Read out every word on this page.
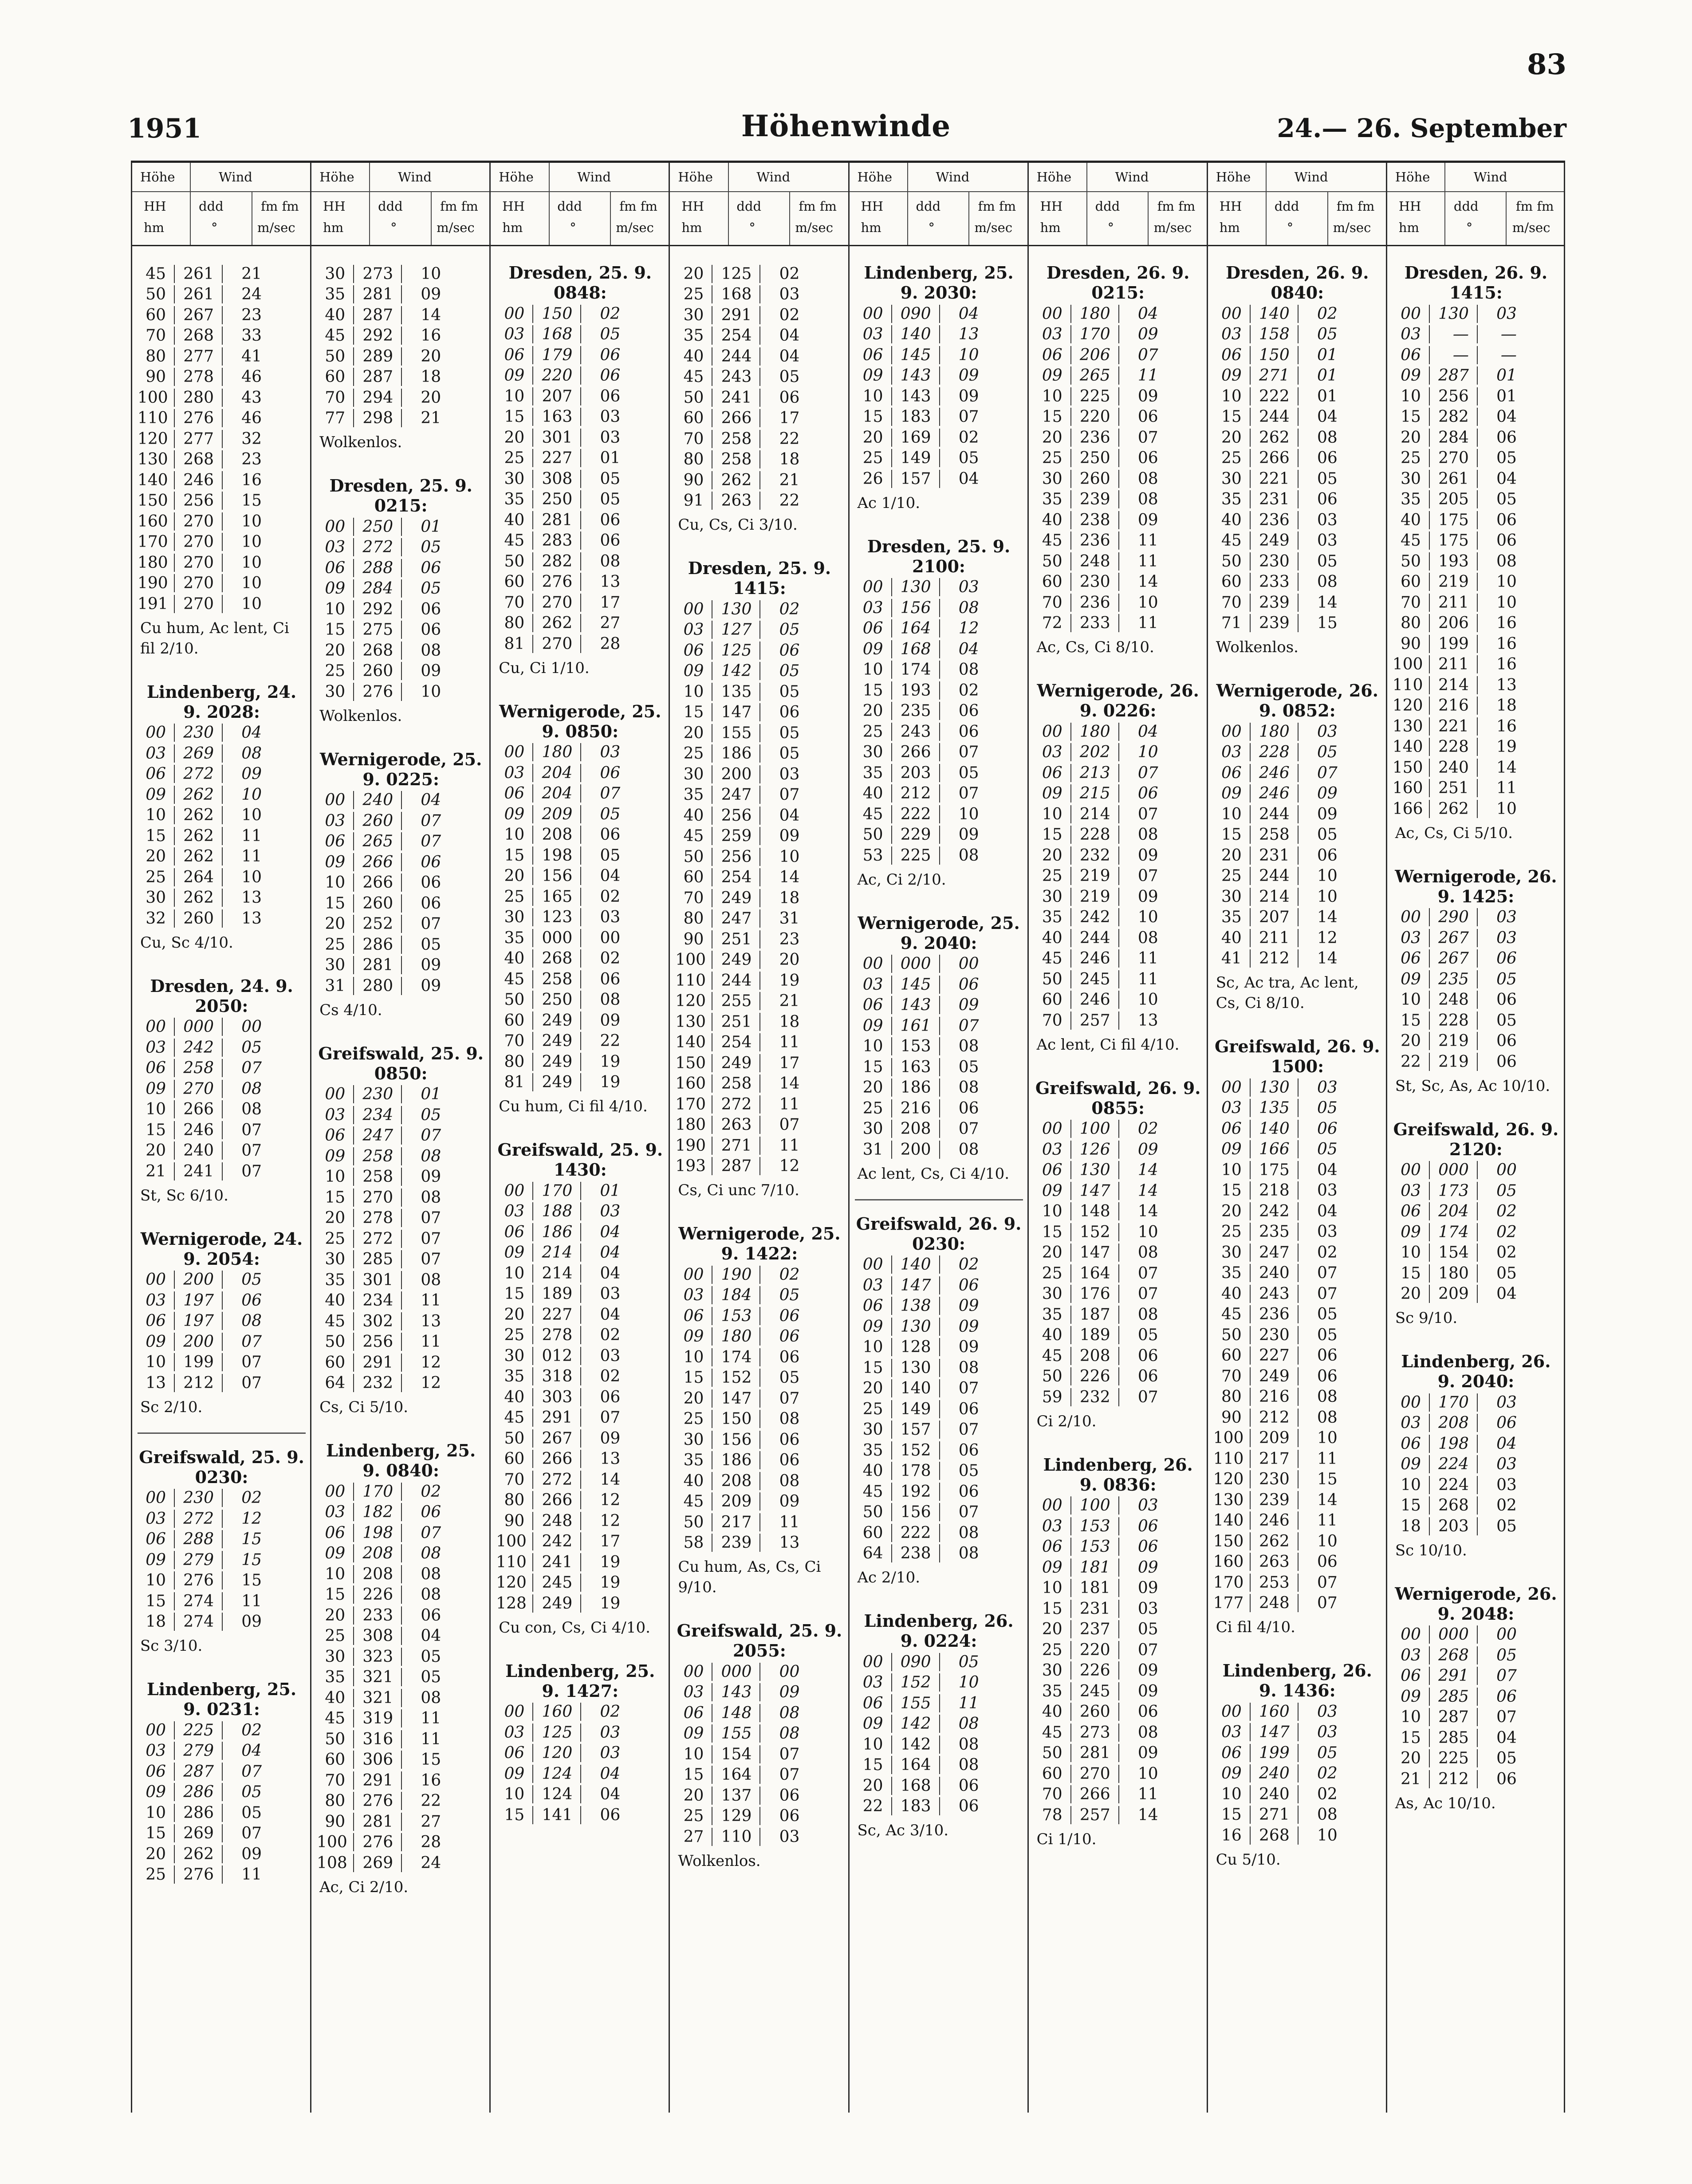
83
1951	Höhenwinde	24.— 26. September
Höhe	Wind
HH
hm
ddd
°
fm fm
m/sec
45	261	21
50	261	24
60	267	23
70	268	33
80	277	41
90	278	46
100 280	43
110 276	46
120 277	32
130 268	23
140 246	16
150 256	15
160 270	10
170 270	10
180 270	10
190 270	10
191 270	10
Cu hum, Ac lent, Ci fil 2/10.
Lindenberg, 24. 9. 2028:
00	230	04
03	269	08
06	272	09
09	262	10
10	262	10
15	262	11
20	262	11
25	264	10
30	262	13
32	260	13
Cu, Sc 4/10.
Dresden, 24. 9. 2050:
00	000	00
03	242	05
06	258	07
09	270	08
10	266	08
15	246	07
20	240	07
21	241	07
St, Sc 6/10.
Wernigerode, 24. 9. 2054:
00	200	05
03	197	06
06	197	08
09	200	07
10	199	07
13	212	07
Sc 2/10.
Greifswald, 25. 9. 0230:
00	230	02
03	272	12
06	288	15
09	279	15
10	276	15
15	274	11
18	274	09
Sc 3/10.
Lindenberg, 25. 9. 0231:
00	225	02
03	279	04
06	287	07
09	286	05
10	286	05
15	269	07
20	262	09
25	276	11
Höhe	Wind
HH
hm
ddd
°
fm fm
m/sec
30	273	10
35	281	09
40	287	14
45	292	16
50	289	20
60	287	18
70	294	20
77	298	21
Wolkenlos.
Dresden, 25. 9. 0215:
00	250	01
03	272	05
06	288	06
09	284	05
10	292	06
15	275	06
20	268	08
25	260	09
30	276	10
Wolkenlos.
Wernigerode, 25. 9. 0225:
00	240	04
03	260	07
06	265	07
09	266	06
10	266	06
15	260	06
20	252	07
25	286	05
30	281	09
31	280	09
Cs 4/10.
Greifswald, 25. 9. 0850:
00	230	01
03	234	05
06	247	07
09	258	08
10	258	09
15	270	08
20	278	07
25	272	07
30	285	07
35	301	08
40	234	11
45	302	13
50	256	11
60	291	12
64	232	12
Cs, Ci 5/10.
Lindenberg, 25. 9. 0840:
00	170	02
03	182	06
06	198	07
09	208	08
10	208	08
15	226	08
20	233	06
25	308	04
30	323	05
35	321	05
40	321	08
45	319	11
50	316	11
60	306	15
70	291	16
80	276	22
90	281	27
100 276	28
108 269	24
Ac, Ci 2/10.
Höhe	Wind
HH
hm
ddd
°
fm fm
m/sec
Dresden, 25. 9. 0848:
00	150	02
03	168	05
06	179	06
09	220	06
10	207	06
15	163	03
20	301	03
25	227	01
30	308	05
35	250	05
40	281	06
45	283	06
50	282	08
60	276	13
70	270	17
80	262	27
81	270	28
Cu, Ci 1/10.
Wernigerode, 25. 9. 0850:
00	180	03
03	204	06
06	204	07
09	209	05
10	208	06
15	198	05
20	156	04
25	165	02
30	123	03
35	000	00
40	268	02
45	258	06
50	250	08
60	249	09
70	249	22
80	249	19
81	249	19
Cu hum, Ci fil 4/10.
Greifswald, 25. 9. 1430:
00	170	01
03	188	03
06	186	04
09	214	04
10	214	04
15	189	03
20	227	04
25	278	02
30	012	03
35	318	02
40	303	06
45	291	07
50	267	09
60	266	13
70	272	14
80	266	12
90	248	12
100 242	17
110 241	19
120 245	19
128 249	19
Cu con, Cs, Ci 4/10.
Lindenberg, 25. 9. 1427:
00	160	02
03	125	03
06	120	03
09	124	04
10	124	04
15	141	06
Höhe	Wind
HH
hm
ddd
°
fm fm
m/sec
20	125	02
25	168	03
30	291	02
35	254	04
40	244	04
45	243	05
50	241	06
60	266	17
70	258	22
80	258	18
90	262	21
91	263	22
Cu, Cs, Ci 3/10.
Dresden, 25. 9. 1415:
00	130	02
03	127	05
06	125	06
09	142	05
10	135	05
15	147	06
20	155	05
25	186	05
30	200	03
35	247	07
40	256	04
45	259	09
50	256	10
60	254	14
70	249	18
80	247	31
90	251	23
100 249	20
110 244	19
120 255	21
130 251	18
140 254	11
150 249	17
160 258	14
170 272	11
180 263	07
190 271	11
193 287	12
Cs, Ci unc 7/10.
Wernigerode, 25. 9. 1422:
00	190	02
03	184	05
06	153	06
09	180	06
10	174	06
15	152	05
20	147	07
25	150	08
30	156	06
35	186	06
40	208	08
45	209	09
50	217	11
58	239	13
Cu hum, As, Cs, Ci 9/10.
Greifswald, 25. 9. 2055:
00	000	00
03	143	09
06	148	08
09	155	08
10	154	07
15	164	07
20	137	06
25	129	06
27	110	03
Wolkenlos.
Höhe	Wind
HH
hm
ddd
°
fm fm
m/sec
Lindenberg, 25. 9. 2030:
00	090	04
03	140	13
06	145	10
09	143	09
10	143	09
15	183	07
20	169	02
25	149	05
26	157	04
Ac 1/10.
Dresden, 25. 9. 2100:
00	130	03
03	156	08
06	164	12
09	168	04
10	174	08
15	193	02
20	235	06
25	243	06
30	266	07
35	203	05
40	212	07
45	222	10
50	229	09
53	225	08
Ac, Ci 2/10.
Wernigerode, 25. 9. 2040:
00	000	00
03	145	06
06	143	09
09	161	07
10	153	08
15	163	05
20	186	08
25	216	06
30	208	07
31	200	08
Ac lent, Cs, Ci 4/10.
Greifswald, 26. 9. 0230:
00	140	02
03	147	06
06	138	09
09	130	09
10	128	09
15	130	08
20	140	07
25	149	06
30	157	07
35	152	06
40	178	05
45	192	06
50	156	07
60	222	08
64	238	08
Ac 2/10.
Lindenberg, 26. 9. 0224:
00	090	05
03	152	10
06	155	11
09	142	08
10	142	08
15	164	08
20	168	06
22	183	06
Sc, Ac 3/10.
Höhe	Wind
HH
hm
ddd
°
fm fm
m/sec
Dresden, 26. 9. 0215:
00	180	04
03	170	09
06	206	07
09	265	11
10	225	09
15	220	06
20	236	07
25	250	06
30	260	08
35	239	08
40	238	09
45	236	11
50	248	11
60	230	14
70	236	10
72	233	11
Ac, Cs, Ci 8/10.
Wernigerode, 26. 9. 0226:
00	180	04
03	202	10
06	213	07
09	215	06
10	214	07
15	228	08
20	232	09
25	219	07
30	219	09
35	242	10
40	244	08
45	246	11
50	245	11
60	246	10
70	257	13
Ac lent, Ci fil 4/10.
Greifswald, 26. 9. 0855:
00	100	02
03	126	09
06	130	14
09	147	14
10	148	14
15	152	10
20	147	08
25	164	07
30	176	07
35	187	08
40	189	05
45	208	06
50	226	06
59	232	07
Ci 2/10.
Lindenberg, 26. 9. 0836:
00	100	03
03	153	06
06	153	06
09	181	09
10	181	09
15	231	03
20	237	05
25	220	07
30	226	09
35	245	09
40	260	06
45	273	08
50	281	09
60	270	10
70	266	11
78	257	14
Ci 1/10.
Höhe	Wind
HH
hm
ddd
°
fm fm
m/sec
Dresden, 26. 9. 0840:
00	140	02
03	158	05
06	150	01
09	271	01
10	222	01
15	244	04
20	262	08
25	266	06
30	221	05
35	231	06
40	236	03
45	249	03
50	230	05
60	233	08
70	239	14
71	239	15
Wolkenlos.
Wernigerode, 26. 9. 0852:
00	180	03
03	228	05
06	246	07
09	246	09
10	244	09
15	258	05
20	231	06
25	244	10
30	214	10
35	207	14
40	211	12
41	212	14
Sc, Ac tra, Ac lent, Cs, Ci 8/10.
Greifswald, 26. 9. 1500:
00	130	03
03	135	05
06	140	06
09	166	05
10	175	04
15	218	03
20	242	04
25	235	03
30	247	02
35	240	07
40	243	07
45	236	05
50	230	05
60	227	06
70	249	06
80	216	08
90	212	08
100 209	10
110 217	11
120 230	15
130 239	14
140 246	11
150 262	10
160 263	06
170 253	07
177 248	07
Ci fil 4/10.
Lindenberg, 26. 9. 1436:
00	160	03
03	147	03
06	199	05
09	240	02
10	240	02
15	271	08
16	268	10
Cu 5/10.
Höhe	Wind
HH
hm
ddd
°
fm fm
m/sec
Dresden, 26. 9. 1415:
00	130	03
03	—	—
06	—	—
09	287	01
10	256	01
15	282	04
20	284	06
25	270	05
30	261	04
35	205	05
40	175	06
45	175	06
50	193	08
60	219	10
70	211	10
80	206	16
90	199	16
100 211	16
110 214	13
120 216	18
130 221	16
140 228	19
150 240	14
160 251	11
166 262	10
Ac, Cs, Ci 5/10.
Wernigerode, 26. 9. 1425:
00	290	03
03	267	03
06	267	06
09	235	05
10	248	06
15	228	05
20	219	06
22	219	06
St, Sc, As, Ac 10/10.
Greifswald, 26. 9. 2120:
00	000	00
03	173	05
06	204	02
09	174	02
10	154	02
15	180	05
20	209	04
Sc 9/10.
Lindenberg, 26. 9. 2040:
00	170	03
03	208	06
06	198	04
09	224	03
10	224	03
15	268	02
18	203	05
Sc 10/10.
Wernigerode, 26. 9. 2048:
00	000	00
03	268	05
06	291	07
09	285	06
10	287	07
15	285	04
20	225	05
21	212	06
As, Ac 10/10.
